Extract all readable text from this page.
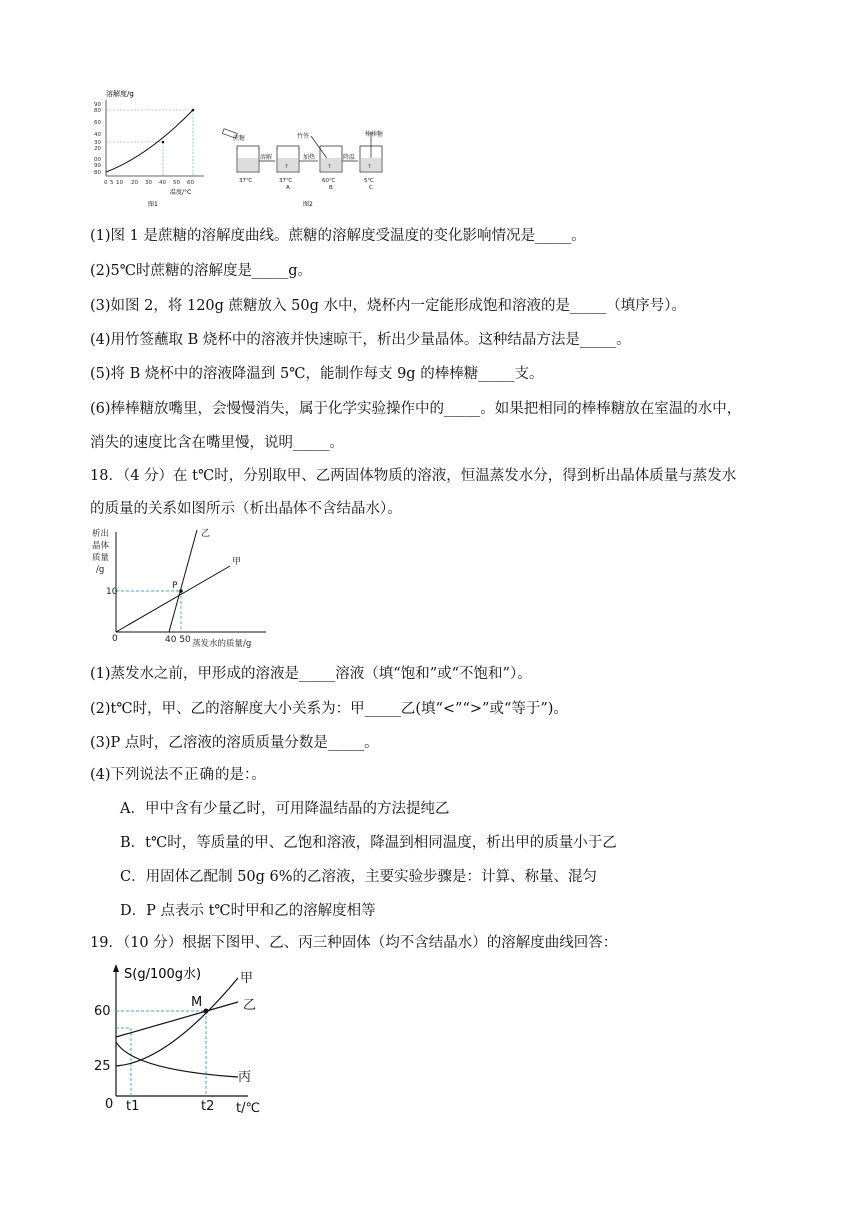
溶解度/g
90
80
60
40
30
20
00
90
80
0 5 10 20 30 40 50 60
温度/°C
图1
蔗糖	竹签	棒棒糖
溶解	加热	降温
?	?	?
37℃	37℃	60℃	5℃
A	B	C
图2
(1)图 1 是蔗糖的溶解度曲线。蔗糖的溶解度受温度的变化影响情况是_____。
(2)5℃时蔗糖的溶解度是_____g。
(3)如图 2，将 120g 蔗糖放入 50g 水中，烧杯内一定能形成饱和溶液的是_____（填序号）。
(4)用竹签蘸取 B 烧杯中的溶液并快速晾干，析出少量晶体。这种结晶方法是_____。
(5)将 B 烧杯中的溶液降温到 5℃，能制作每支 9g 的棒棒糖_____支。
(6)棒棒糖放嘴里，会慢慢消失，属于化学实验操作中的_____。如果把相同的棒棒糖放在室温的水中，
消失的速度比含在嘴里慢，说明_____。
18．（4 分）在 t℃时，分别取甲、乙两固体物质的溶液，恒温蒸发水分，得到析出晶体质量与蒸发水
的质量的关系如图所示（析出晶体不含结晶水）。
析出
晶体
质量
/g
10
0	40 50
P
乙
甲
蒸发水的质量/g
(1)蒸发水之前，甲形成的溶液是_____溶液（填“饱和”或“不饱和”）。
(2)t℃时，甲、乙的溶解度大小关系为：甲_____乙(填“<”“>”或“等于”)。
(3)P 点时，乙溶液的溶质质量分数是_____。
(4)下列说法不正确的是：。
A．甲中含有少量乙时，可用降温结晶的方法提纯乙
B．t℃时，等质量的甲、乙饱和溶液，降温到相同温度，析出甲的质量小于乙
C．用固体乙配制 50g 6%的乙溶液，主要实验步骤是：计算、称量、混匀
D．P 点表示 t℃时甲和乙的溶解度相等
19．（10 分）根据下图甲、乙、丙三种固体（均不含结晶水）的溶解度曲线回答：
S(g/100g水)
60
25
0 t1	t2 t/℃
M
甲
乙
丙
